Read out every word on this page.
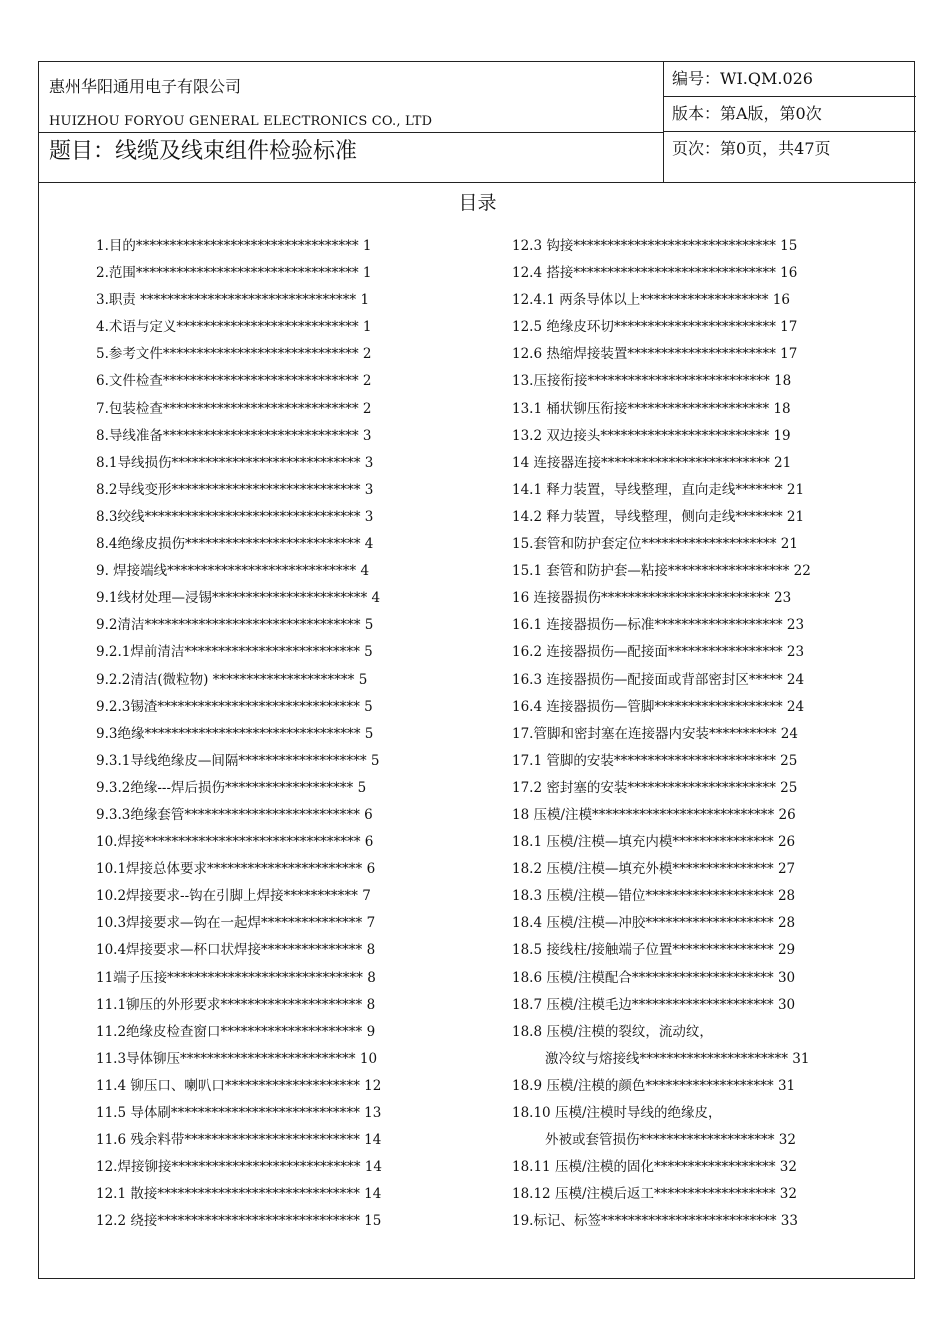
惠州华阳通用电子有限公司
HUIZHOU FORYOU GENERAL ELECTRONICS CO., LTD
题目：线缆及线束组件检验标准
编号：WI.QM.026
版本：第A版，第0次
页次：第0页，共47页
目录
1.目的********************************* 1
2.范围********************************* 1
3.职责 ******************************** 1
4.术语与定义*************************** 1
5.参考文件***************************** 2
6.文件检查***************************** 2
7.包装检查***************************** 2
8.导线准备***************************** 3
8.1导线损伤**************************** 3
8.2导线变形**************************** 3
8.3绞线******************************** 3
8.4绝缘皮损伤************************** 4
9. 焊接端线**************************** 4
9.1线材处理—浸锡*********************** 4
9.2清洁******************************** 5
9.2.1焊前清洁************************** 5
9.2.2清洁(微粒物) ********************* 5
9.2.3锡渣****************************** 5
9.3绝缘******************************** 5
9.3.1导线绝缘皮—间隔******************* 5
9.3.2绝缘---焊后损伤******************* 5
9.3.3绝缘套管************************** 6
10.焊接******************************** 6
10.1焊接总体要求*********************** 6
10.2焊接要求--钩在引脚上焊接*********** 7
10.3焊接要求—钩在一起焊*************** 7
10.4焊接要求—杯口状焊接*************** 8
11端子压接***************************** 8
11.1铆压的外形要求********************* 8
11.2绝缘皮检查窗口********************* 9
11.3导体铆压************************** 10
11.4 铆压口、喇叭口******************** 12
11.5 导体刷**************************** 13
11.6 残余料带************************** 14
12.焊接铆接**************************** 14
12.1 散接****************************** 14
12.2 绕接****************************** 15
12.3 钩接****************************** 15
12.4 搭接****************************** 16
12.4.1 两条导体以上******************* 16
12.5 绝缘皮环切************************ 17
12.6 热缩焊接装置********************** 17
13.压接衔接*************************** 18
13.1 桶状铆压衔接********************* 18
13.2 双边接头************************* 19
14 连接器连接************************* 21
14.1 释力装置，导线整理，直向走线******* 21
14.2 释力装置，导线整理，侧向走线******* 21
15.套管和防护套定位******************** 21
15.1 套管和防护套—粘接****************** 22
16 连接器损伤************************* 23
16.1 连接器损伤—标准******************* 23
16.2 连接器损伤—配接面***************** 23
16.3 连接器损伤—配接面或背部密封区***** 24
16.4 连接器损伤—管脚******************* 24
17.管脚和密封塞在连接器内安装********** 24
17.1 管脚的安装************************ 25
17.2 密封塞的安装********************** 25
18 压模/注模*************************** 26
18.1 压模/注模—填充内模*************** 26
18.2 压模/注模—填充外模*************** 27
18.3 压模/注模—错位******************* 28
18.4 压模/注模—冲胶******************* 28
18.5 接线柱/接触端子位置*************** 29
18.6 压模/注模配合********************* 30
18.7 压模/注模毛边********************* 30
18.8 压模/注模的裂纹，流动纹，
激冷纹与熔接线********************** 31
18.9 压模/注模的颜色******************* 31
18.10 压模/注模时导线的绝缘皮，
外被或套管损伤******************** 32
18.11 压模/注模的固化****************** 32
18.12 压模/注模后返工****************** 32
19.标记、标签************************** 33
